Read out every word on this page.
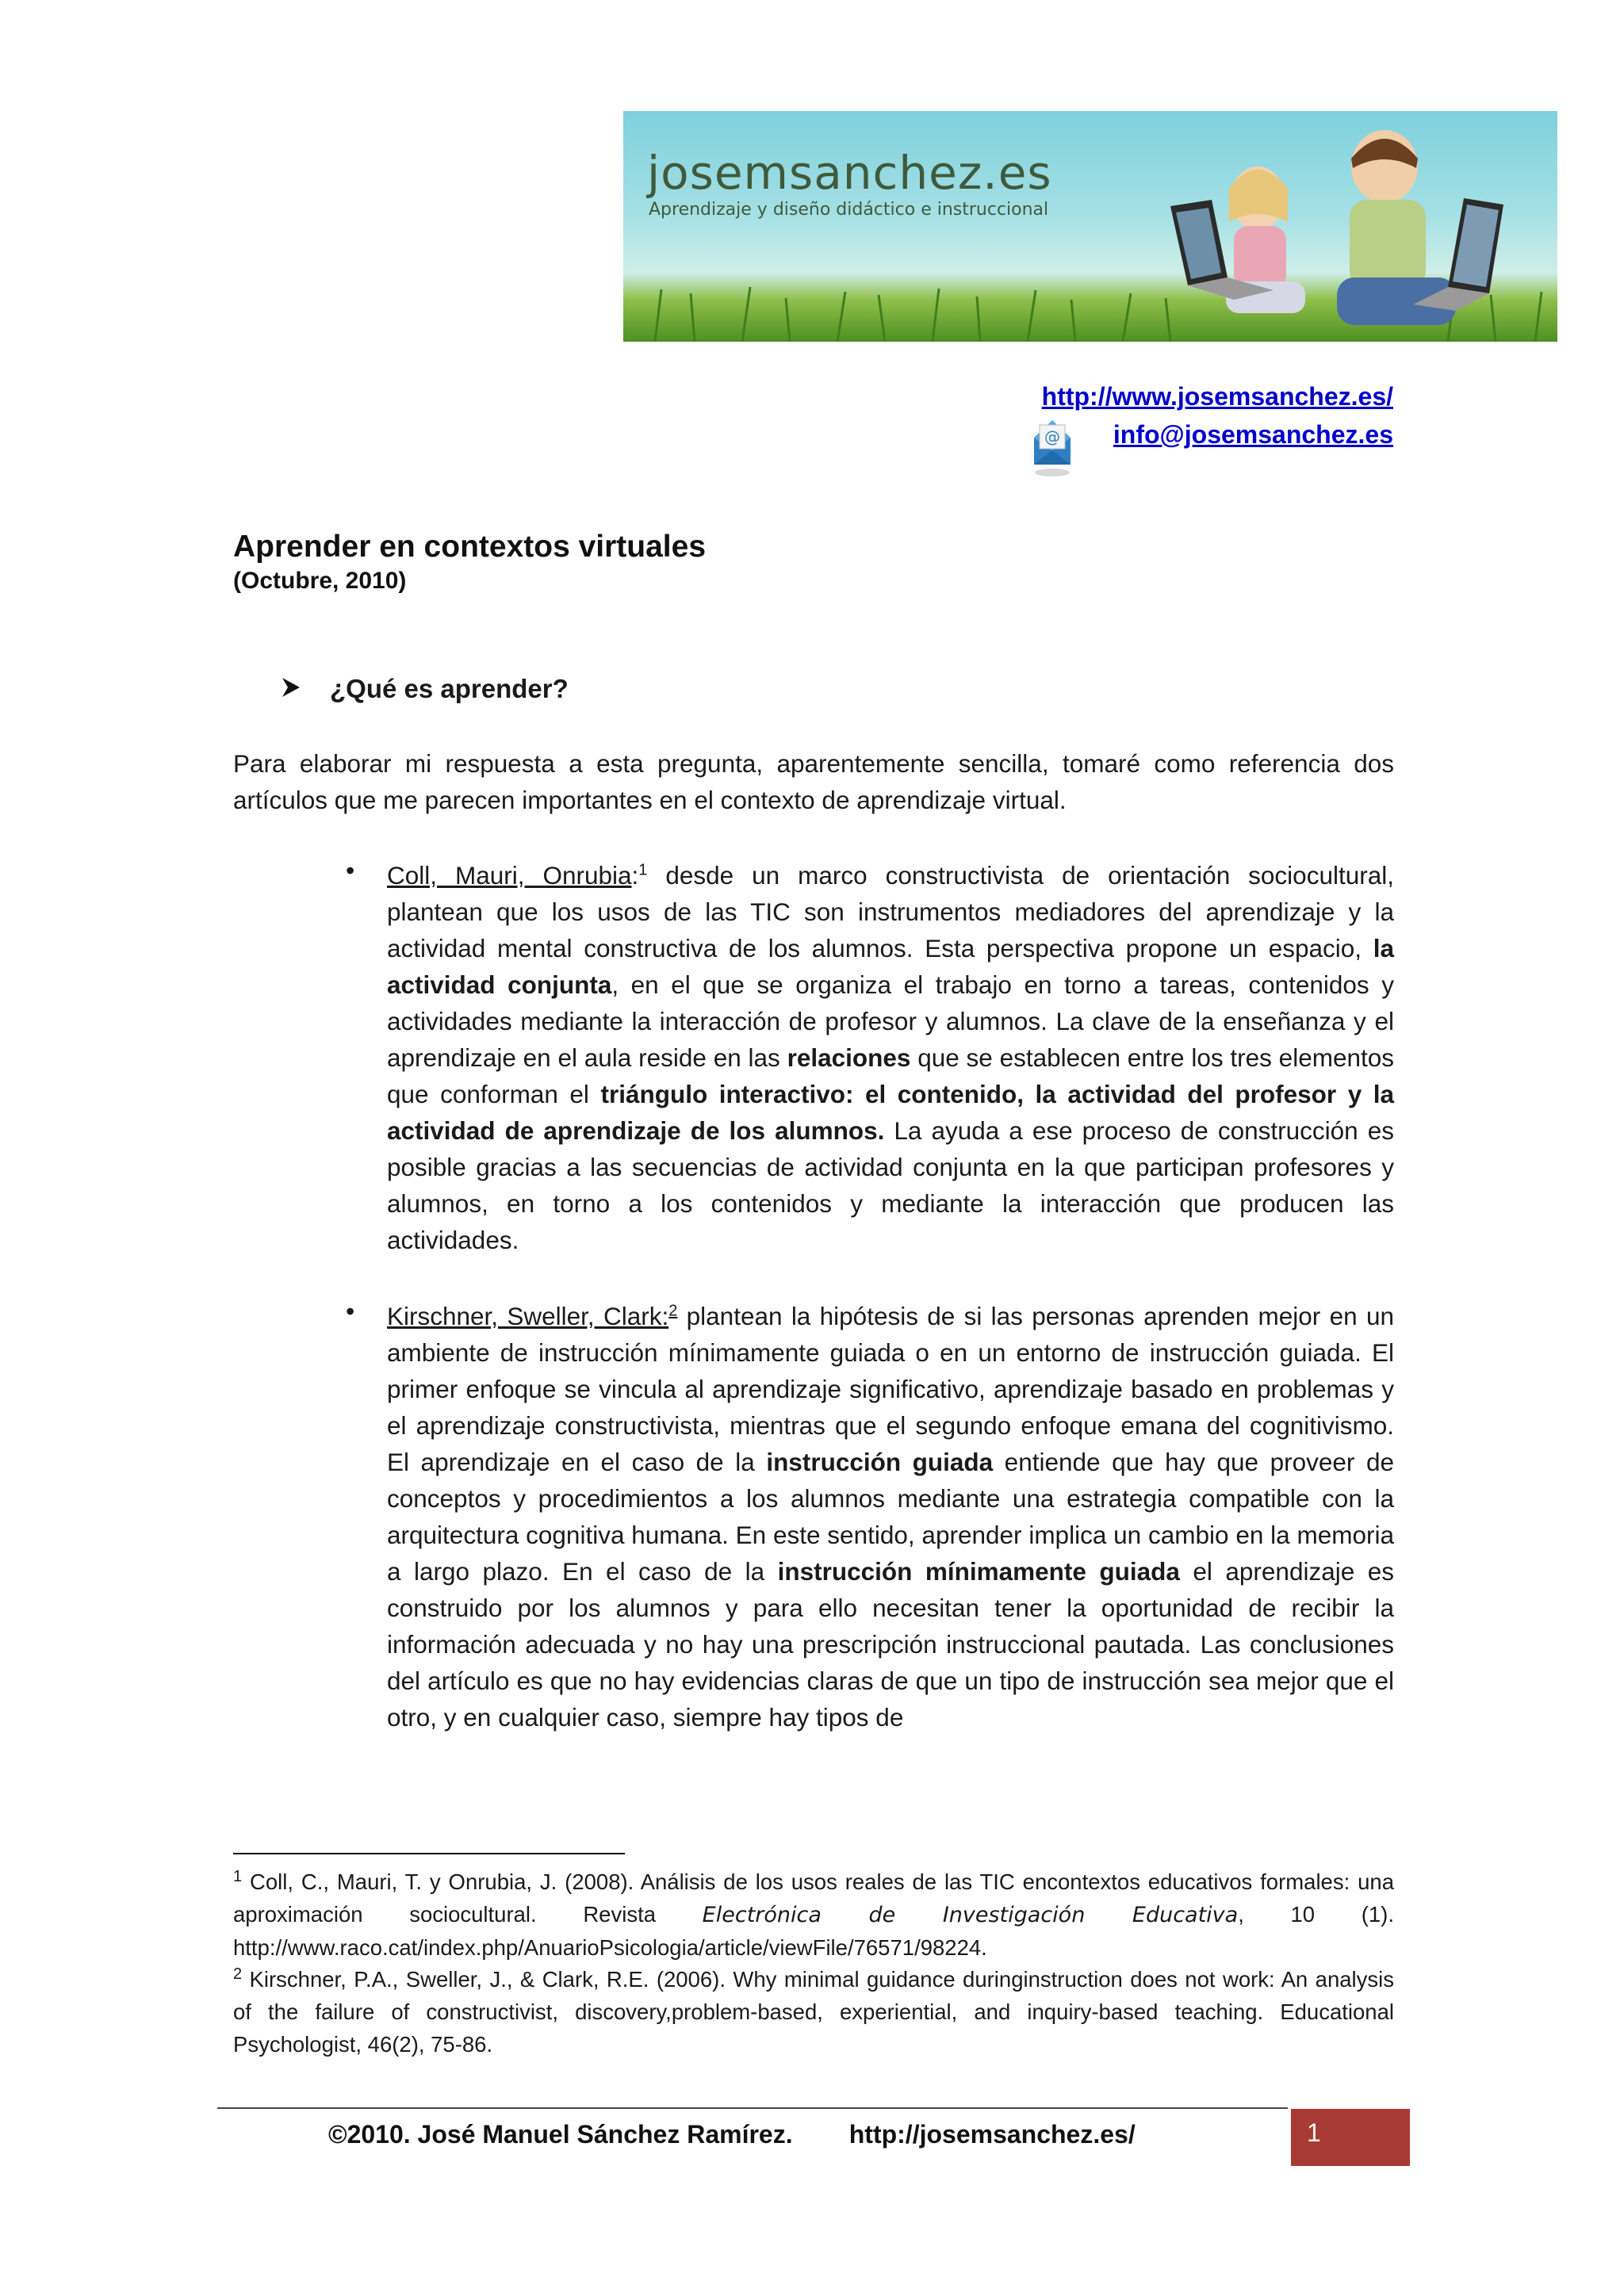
josemsanchez.es
Aprendizaje y diseño didáctico e instruccional
http://www.josemsanchez.es/
@ info@josemsanchez.es
Aprender en contextos virtuales
(Octubre, 2010)
¿Qué es aprender?
Para elaborar mi respuesta a esta pregunta, aparentemente sencilla, tomaré como referencia dos artículos que me parecen importantes en el contexto de aprendizaje virtual.
• Coll, Mauri, Onrubia:$^1$ desde un marco constructivista de orientación sociocultural, plantean que los usos de las TIC son instrumentos mediadores del aprendizaje y la actividad mental constructiva de los alumnos. Esta perspectiva propone un espacio, la actividad conjunta, en el que se organiza el trabajo en torno a tareas, contenidos y actividades mediante la interacción de profesor y alumnos. La clave de la enseñanza y el aprendizaje en el aula reside en las relaciones que se establecen entre los tres elementos que conforman el triángulo interactivo: el contenido, la actividad del profesor y la actividad de aprendizaje de los alumnos. La ayuda a ese proceso de construcción es posible gracias a las secuencias de actividad conjunta en la que participan profesores y alumnos, en torno a los contenidos y mediante la interacción que producen las actividades.
• Kirschner, Sweller, Clark:$^2$ plantean la hipótesis de si las personas aprenden mejor en un ambiente de instrucción mínimamente guiada o en un entorno de instrucción guiada. El primer enfoque se vincula al aprendizaje significativo, aprendizaje basado en problemas y el aprendizaje constructivista, mientras que el segundo enfoque emana del cognitivismo. El aprendizaje en el caso de la instrucción guiada entiende que hay que proveer de conceptos y procedimientos a los alumnos mediante una estrategia compatible con la arquitectura cognitiva humana. En este sentido, aprender implica un cambio en la memoria a largo plazo. En el caso de la instrucción mínimamente guiada el aprendizaje es construido por los alumnos y para ello necesitan tener la oportunidad de recibir la información adecuada y no hay una prescripción instruccional pautada. Las conclusiones del artículo es que no hay evidencias claras de que un tipo de instrucción sea mejor que el otro, y en cualquier caso, siempre hay tipos de
$^1$ Coll, C., Mauri, T. y Onrubia, J. (2008). Análisis de los usos reales de las TIC encontextos educativos formales: una aproximación sociocultural. Revista Electrónica de Investigación Educativa, 10 (1). http://www.raco.cat/index.php/AnuarioPsicologia/article/viewFile/76571/98224.
$^2$ Kirschner, P.A., Sweller, J., & Clark, R.E. (2006). Why minimal guidance duringinstruction does not work: An analysis of the failure of constructivist, discovery,problem-based, experiential, and inquiry-based teaching. Educational Psychologist, 46(2), 75-86.
©2010. José Manuel Sánchez Ramírez. http://josemsanchez.es/	1
